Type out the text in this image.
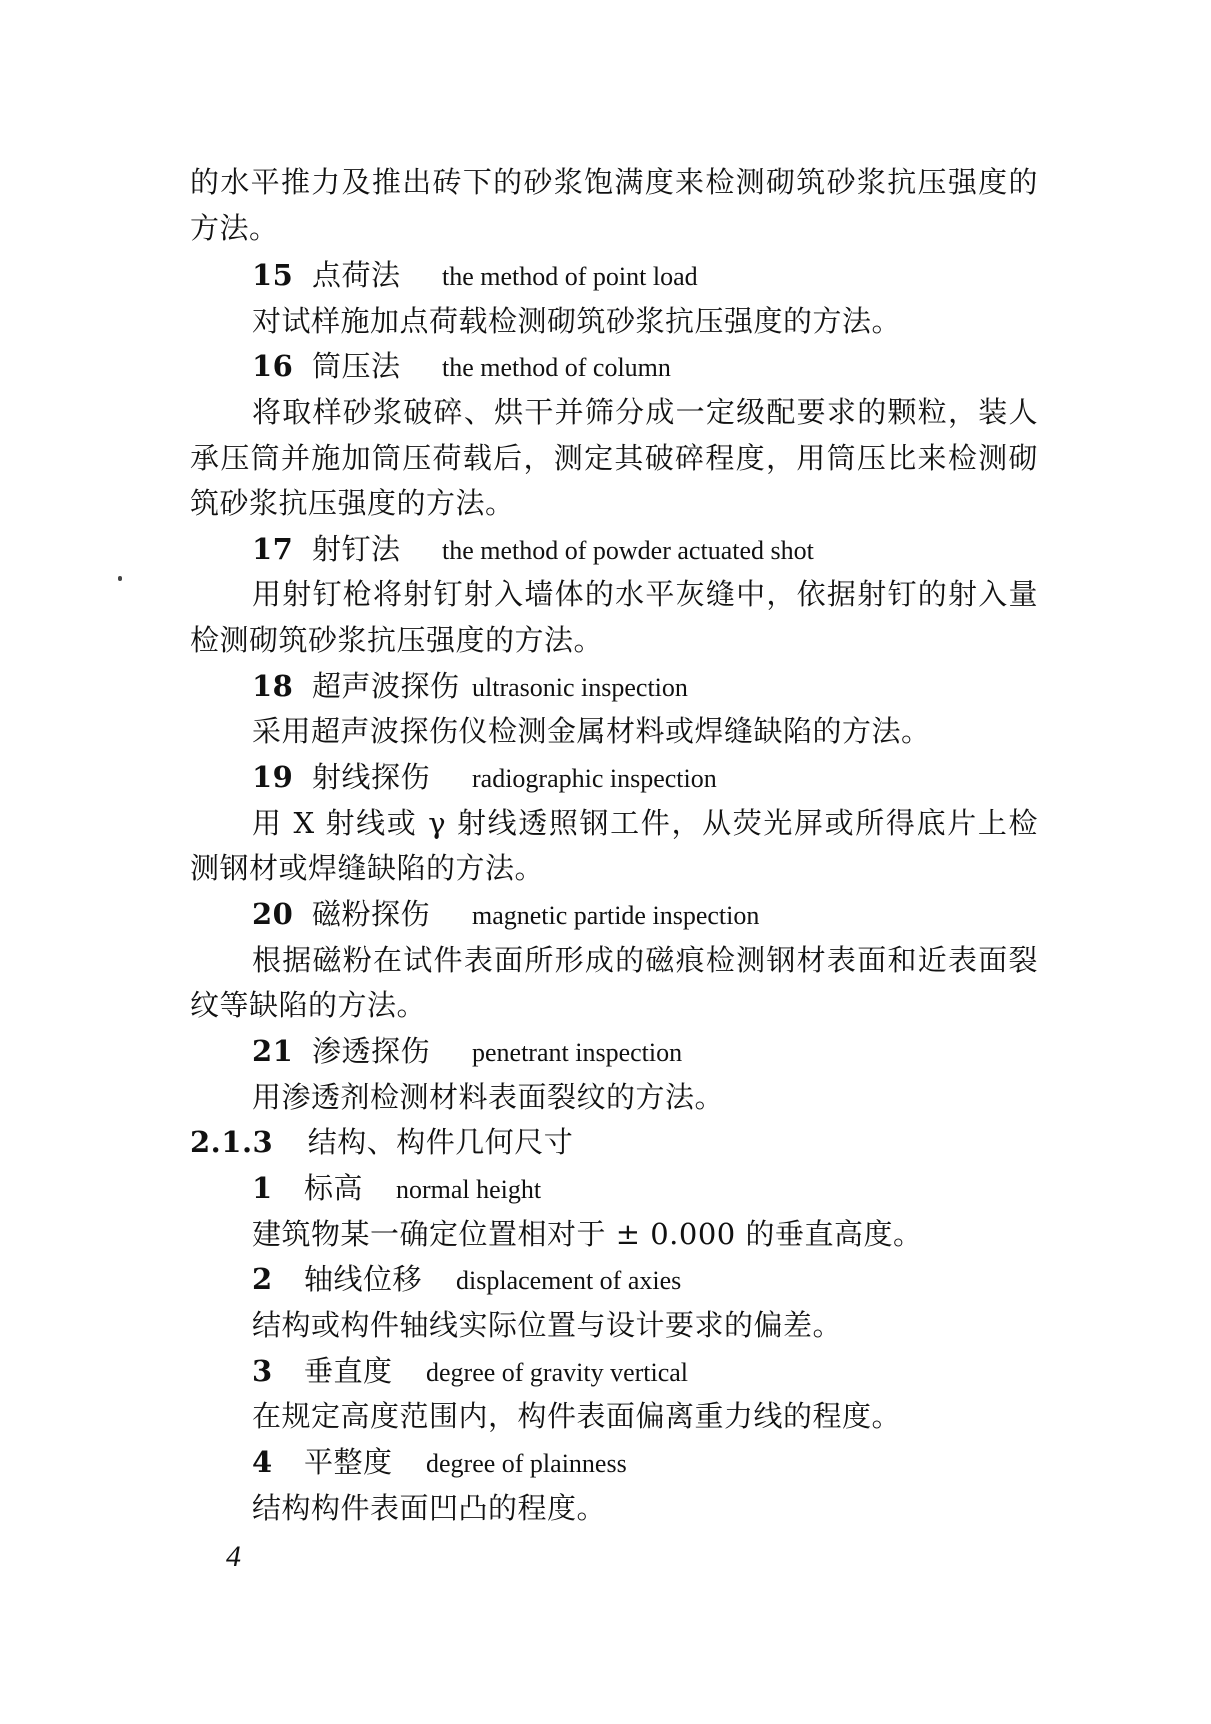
的水平推力及推出砖下的砂浆饱满度来检测砌筑砂浆抗压强度的
方法。
15 点荷法	the method of point load
对试样施加点荷载检测砌筑砂浆抗压强度的方法。
16 筒压法	the method of column
将取样砂浆破碎、烘干并筛分成一定级配要求的颗粒，装人
承压筒并施加筒压荷载后，测定其破碎程度，用筒压比来检测砌
筑砂浆抗压强度的方法。
17 射钉法	the method of powder actuated shot
用射钉枪将射钉射入墙体的水平灰缝中，依据射钉的射入量
检测砌筑砂浆抗压强度的方法。
18 超声波探伤 ultrasonic inspection
采用超声波探伤仪检测金属材料或焊缝缺陷的方法。
19 射线探伤	radiographic inspection
用 X 射线或 γ 射线透照钢工件，从荧光屏或所得底片上检
测钢材或焊缝缺陷的方法。
20 磁粉探伤	magnetic partide inspection
根据磁粉在试件表面所形成的磁痕检测钢材表面和近表面裂
纹等缺陷的方法。
21 渗透探伤	penetrant inspection
用渗透剂检测材料表面裂纹的方法。
2.1.3 结构、构件几何尺寸
1	标高	normal height
建筑物某一确定位置相对于 ± 0.000 的垂直高度。
2	轴线位移	displacement of axies
结构或构件轴线实际位置与设计要求的偏差。
3	垂直度	degree of gravity vertical
在规定高度范围内，构件表面偏离重力线的程度。
4	平整度	degree of plainness
结构构件表面凹凸的程度。
4
